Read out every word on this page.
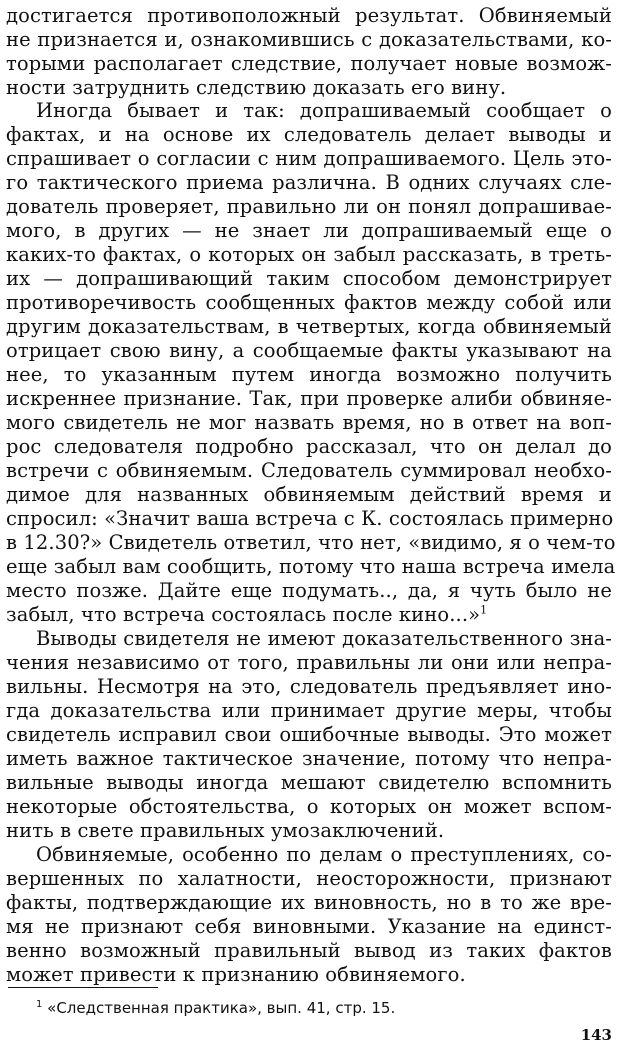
достигается противоположный результат. Обвиняемый
не признается и, ознакомившись с доказательствами, ко-
торыми располагает следствие, получает новые возмож-
ности затруднить следствию доказать его вину.
Иногда бывает и так: допрашиваемый сообщает о
фактах, и на основе их следователь делает выводы и
спрашивает о согласии с ним допрашиваемого. Цель это-
го тактического приема различна. В одних случаях сле-
дователь проверяет, правильно ли он понял допрашивае-
мого, в других — не знает ли допрашиваемый еще о
каких-то фактах, о которых он забыл рассказать, в треть-
их — допрашивающий таким способом демонстрирует
противоречивость сообщенных фактов между собой или
другим доказательствам, в четвертых, когда обвиняемый
отрицает свою вину, а сообщаемые факты указывают на
нее, то указанным путем иногда возможно получить
искреннее признание. Так, при проверке алиби обвиняе-
мого свидетель не мог назвать время, но в ответ на воп-
рос следователя подробно рассказал, что он делал до
встречи с обвиняемым. Следователь суммировал необхо-
димое для названных обвиняемым действий время и
спросил: «Значит ваша встреча с К. состоялась примерно
в 12.30?» Свидетель ответил, что нет, «видимо, я о чем-то
еще забыл вам сообщить, потому что наша встреча имела
место позже. Дайте еще подумать.., да, я чуть было не
забыл, что встреча состоялась после кино...»$^1$
Выводы свидетеля не имеют доказательственного зна-
чения независимо от того, правильны ли они или непра-
вильны. Несмотря на это, следователь предъявляет ино-
гда доказательства или принимает другие меры, чтобы
свидетель исправил свои ошибочные выводы. Это может
иметь важное тактическое значение, потому что непра-
вильные выводы иногда мешают свидетелю вспомнить
некоторые обстоятельства, о которых он может вспом-
нить в свете правильных умозаключений.
Обвиняемые, особенно по делам о преступлениях, со-
вершенных по халатности, неосторожности, признают
факты, подтверждающие их виновность, но в то же вре-
мя не признают себя виновными. Указание на единст-
венно возможный правильный вывод из таких фактов
может привести к признанию обвиняемого.
$^1$ «Следственная практика», вып. 41, стр. 15.
143
